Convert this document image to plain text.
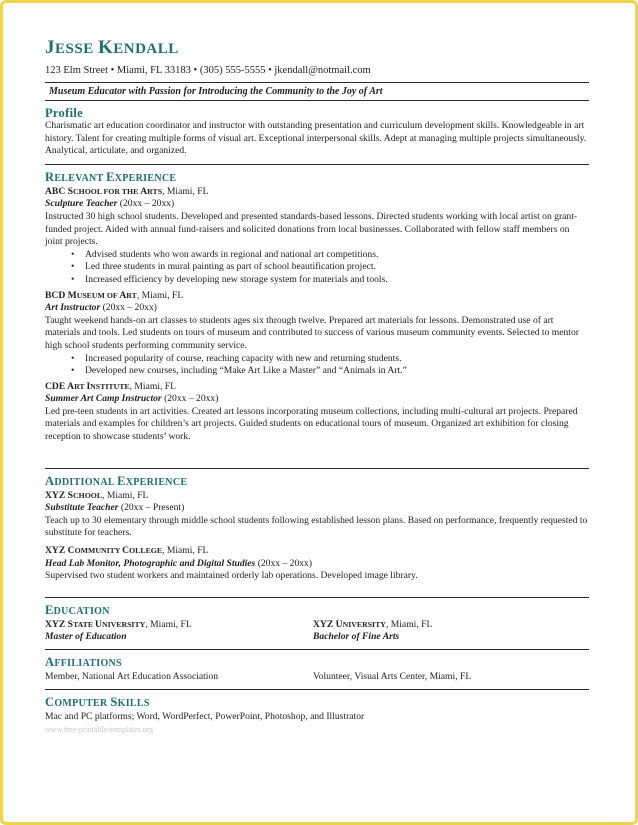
JESSE KENDALL
123 Elm Street • Miami, FL 33183 • (305) 555-5555 • jkendall@notmail.com
Museum Educator with Passion for Introducing the Community to the Joy of Art
Profile

Charismatic art education coordinator and instructor with outstanding presentation and curriculum development skills. Knowledgeable in art history. Talent for creating multiple forms of visual art. Exceptional interpersonal skills. Adept at managing multiple projects simultaneously. Analytical, articulate, and organized.

RELEVANT EXPERIENCE
ABC SCHOOL FOR THE ARTS, Miami, FL
Sculpture Teacher (20xx – 20xx)

Instructed 30 high school students. Developed and presented standards-based lessons. Directed students working with local artist on grant-funded project. Aided with annual fund-raisers and solicited donations from local businesses. Collaborated with fellow staff members on joint projects.

• Advised students who won awards in regional and national art competitions.
• Led three students in mural painting as part of school beautification project.
• Increased efficiency by developing new storage system for materials and tools.
BCD MUSEUM OF ART, Miami, FL
Art Instructor (20xx – 20xx)

Taught weekend hands-on art classes to students ages six through twelve. Prepared art materials for lessons. Demonstrated use of art materials and tools. Led students on tours of museum and contributed to success of various museum community events. Selected to mentor high school students performing community service.

• Increased popularity of course, reaching capacity with new and returning students.
• Developed new courses, including “Make Art Like a Master” and “Animals in Art.”
CDE ART INSTITUTE, Miami, FL
Summer Art Camp Instructor (20xx – 20xx)

Led pre-teen students in art activities. Created art lessons incorporating museum collections, including multi-cultural art projects. Prepared materials and examples for children’s art projects. Guided students on educational tours of museum. Organized art exhibition for closing reception to showcase students’ work.

ADDITIONAL EXPERIENCE
XYZ SCHOOL, Miami, FL
Substitute Teacher (20xx – Present)

Teach up to 30 elementary through middle school students following established lesson plans. Based on performance, frequently requested to substitute for teachers.

XYZ COMMUNITY COLLEGE, Miami, FL
Head Lab Monitor, Photographic and Digital Studies (20xx – 20xx)

Supervised two student workers and maintained orderly lab operations. Developed image library.

EDUCATION
XYZ STATE UNIVERSITY, Miami, FL
Master of Education
XYZ UNIVERSITY, Miami, FL
Bachelor of Fine Arts
AFFILIATIONS
Member, National Art Education Association	Volunteer, Visual Arts Center, Miami, FL
COMPUTER SKILLS

Mac and PC platforms; Word, WordPerfect, PowerPoint, Photoshop, and Illustrator

www.free-printable-templates.org
